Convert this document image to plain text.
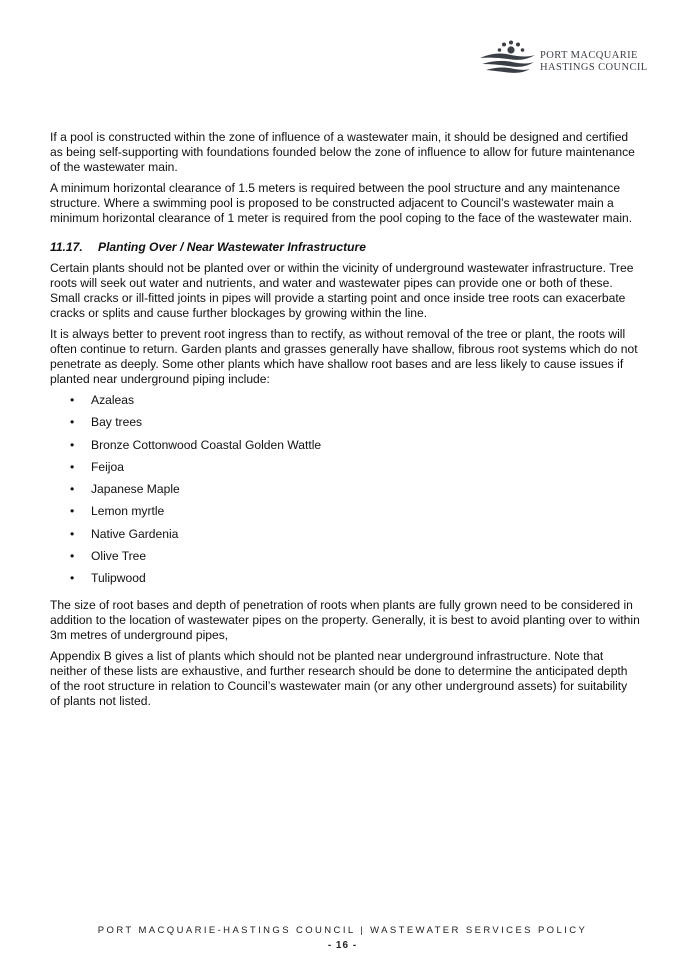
PORT MACQUARIE
HASTINGS COUNCIL

If a pool is constructed within the zone of influence of a wastewater main, it should be designed and certified as being self-supporting with foundations founded below the zone of influence to allow for future maintenance of the wastewater main.

A minimum horizontal clearance of 1.5 meters is required between the pool structure and any maintenance structure. Where a swimming pool is proposed to be constructed adjacent to Council’s wastewater main a minimum horizontal clearance of 1 meter is required from the pool coping to the face of the wastewater main.

11.17. Planting Over / Near Wastewater Infrastructure

Certain plants should not be planted over or within the vicinity of underground wastewater infrastructure. Tree roots will seek out water and nutrients, and water and wastewater pipes can provide one or both of these. Small cracks or ill-fitted joints in pipes will provide a starting point and once inside tree roots can exacerbate cracks or splits and cause further blockages by growing within the line.

It is always better to prevent root ingress than to rectify, as without removal of the tree or plant, the roots will often continue to return. Garden plants and grasses generally have shallow, fibrous root systems which do not penetrate as deeply. Some other plants which have shallow root bases and are less likely to cause issues if planted near underground piping include:

• Azaleas
• Bay trees
• Bronze Cottonwood Coastal Golden Wattle
• Feijoa
• Japanese Maple
• Lemon myrtle
• Native Gardenia
• Olive Tree
• Tulipwood

The size of root bases and depth of penetration of roots when plants are fully grown need to be considered in addition to the location of wastewater pipes on the property. Generally, it is best to avoid planting over to within 3m metres of underground pipes,

Appendix B gives a list of plants which should not be planted near underground infrastructure. Note that neither of these lists are exhaustive, and further research should be done to determine the anticipated depth of the root structure in relation to Council’s wastewater main (or any other underground assets) for suitability of plants not listed.

PORT MACQUARIE-HASTINGS COUNCIL | WASTEWATER SERVICES POLICY
- 16 -
